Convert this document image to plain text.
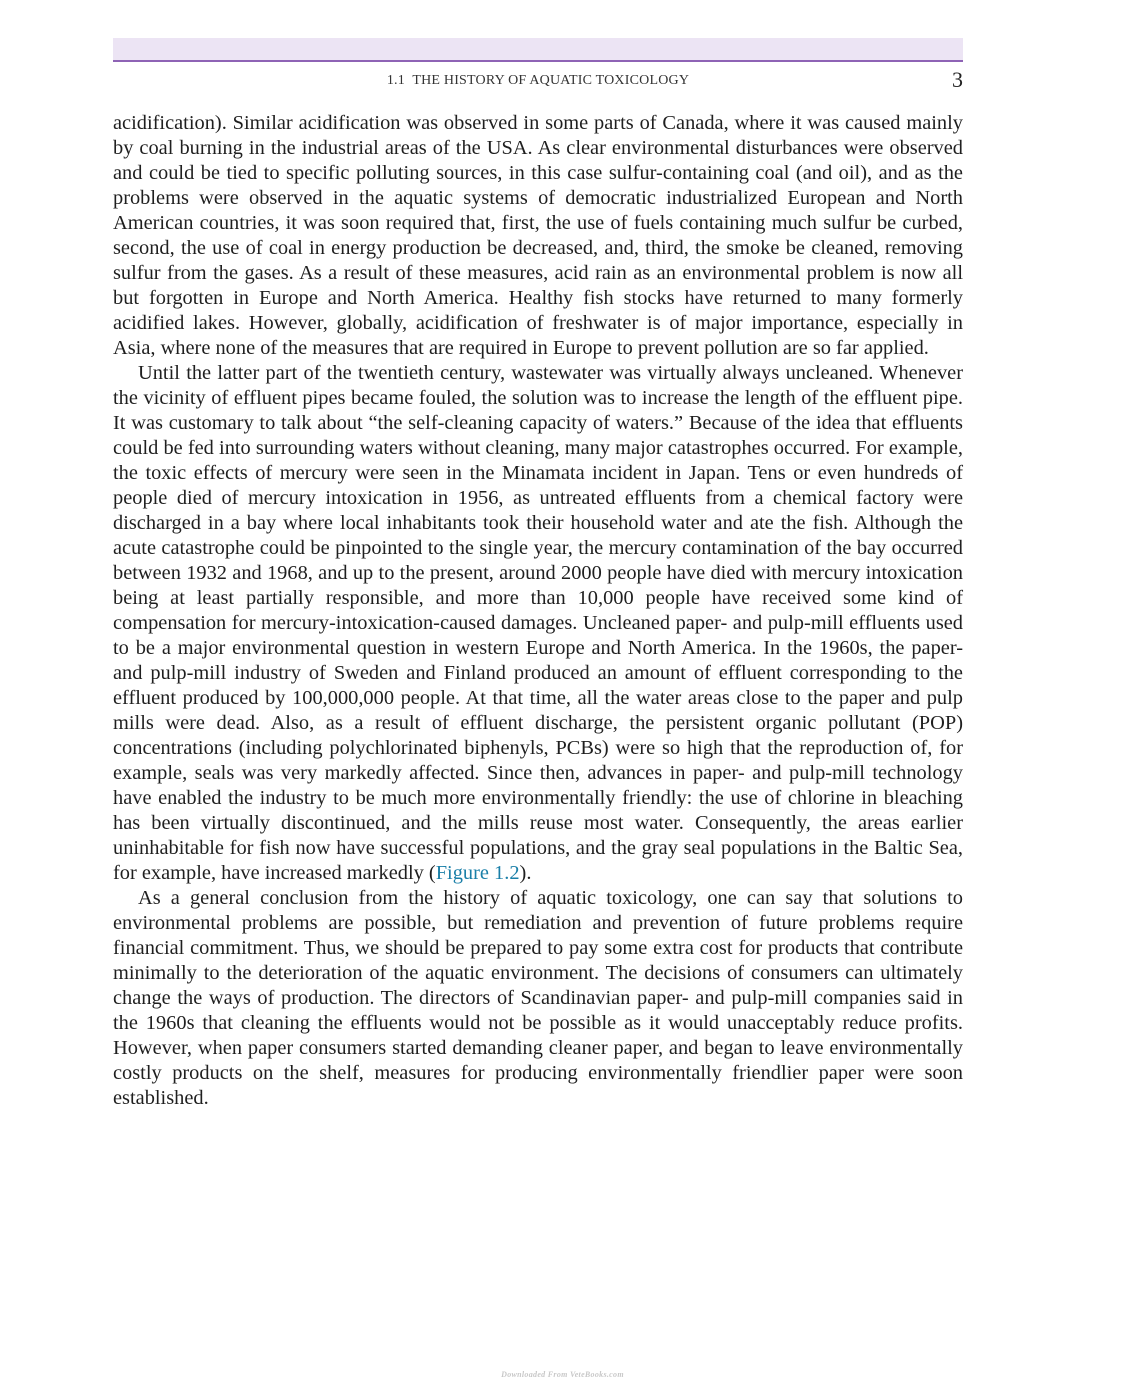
1.1 THE HISTORY OF AQUATIC TOXICOLOGY	3

acidification). Similar acidification was observed in some parts of Canada, where it was caused mainly by coal burning in the industrial areas of the USA. As clear environmental disturbances were observed and could be tied to specific polluting sources, in this case sulfur-containing coal (and oil), and as the problems were observed in the aquatic systems of democratic industrialized European and North American countries, it was soon required that, first, the use of fuels containing much sulfur be curbed, second, the use of coal in energy production be decreased, and, third, the smoke be cleaned, removing sulfur from the gases. As a result of these measures, acid rain as an environmental problem is now all but forgotten in Europe and North America. Healthy fish stocks have returned to many formerly acidified lakes. However, globally, acidification of freshwater is of major importance, especially in Asia, where none of the measures that are required in Europe to prevent pollution are so far applied.

Until the latter part of the twentieth century, wastewater was virtually always uncleaned. Whenever the vicinity of effluent pipes became fouled, the solution was to increase the length of the effluent pipe. It was customary to talk about “the self-cleaning capacity of waters.” Because of the idea that effluents could be fed into surrounding waters without cleaning, many major catastrophes occurred. For example, the toxic effects of mercury were seen in the Minamata incident in Japan. Tens or even hundreds of people died of mercury intoxication in 1956, as untreated effluents from a chemical factory were discharged in a bay where local inhabitants took their household water and ate the fish. Although the acute catastrophe could be pinpointed to the single year, the mercury contamination of the bay occurred between 1932 and 1968, and up to the present, around 2000 people have died with mercury intoxication being at least partially responsible, and more than 10,000 people have received some kind of compensation for mercury-intoxication-caused damages. Uncleaned paper- and pulp-mill effluents used to be a major environmental question in western Europe and North America. In the 1960s, the paper- and pulp-mill industry of Sweden and Finland produced an amount of effluent corresponding to the effluent produced by 100,000,000 people. At that time, all the water areas close to the paper and pulp mills were dead. Also, as a result of effluent discharge, the persistent organic pollutant (POP) concentrations (including polychlorinated biphenyls, PCBs) were so high that the reproduction of, for example, seals was very markedly affected. Since then, advances in paper- and pulp-mill technology have enabled the industry to be much more environmentally friendly: the use of chlorine in bleaching has been virtually discontinued, and the mills reuse most water. Consequently, the areas earlier uninhabitable for fish now have successful populations, and the gray seal populations in the Baltic Sea, for example, have increased markedly (Figure 1.2).

As a general conclusion from the history of aquatic toxicology, one can say that solutions to environmental problems are possible, but remediation and prevention of future problems require financial commitment. Thus, we should be prepared to pay some extra cost for products that contribute minimally to the deterioration of the aquatic environment. The decisions of consumers can ultimately change the ways of production. The directors of Scandinavian paper- and pulp-mill companies said in the 1960s that cleaning the effluents would not be possible as it would unacceptably reduce profits. However, when paper consumers started demanding cleaner paper, and began to leave environmentally costly products on the shelf, measures for producing environmentally friendlier paper were soon established.

Downloaded From VeteBooks.com
